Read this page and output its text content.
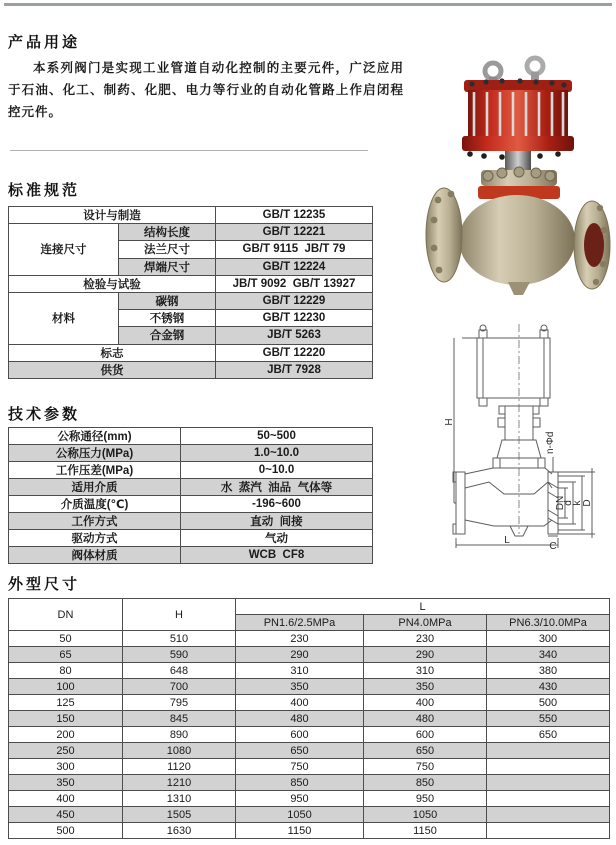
产品用途

本系列阀门是实现工业管道自动化控制的主要元件，广泛应用于石油、化工、制药、化肥、电力等行业的自动化管路上作启闭程控元件。

标准规范
设计与制造		GB/T 12235
连接尺寸	结构长度	GB/T 12221
	法兰尺寸	GB/T 9115  JB/T 79
	焊端尺寸	GB/T 12224
检验与试验		JB/T 9092  GB/T 13927
材料	碳钢	GB/T 12229
	不锈钢	GB/T 12230
	合金钢	JB/T 5263
标志		GB/T 12220
供货		JB/T 7928
技术参数
公称通径(mm)	50~500
公称压力(MPa)	1.0~10.0
工作压差(MPa)	0~10.0
适用介质	水  蒸汽  油品  气体等
介质温度(℃)	-196~600
工作方式	直动  间接
驱动方式	气动
阀体材质	WCB  CF8
H
L
n-Φd
DN
d
k D
C
外型尺寸
DN	H	L		
		PN1.6/2.5MPa	PN4.0MPa	PN6.3/10.0MPa
50	510	230	230	300
65	590	290	290	340
80	648	310	310	380
100	700	350	350	430
125	795	400	400	500
150	845	480	480	550
200	890	600	600	650
250	1080	650	650	
300	1120	750	750	
350	1210	850	850	
400	1310	950	950	
450	1505	1050	1050	
500	1630	1150	1150	
